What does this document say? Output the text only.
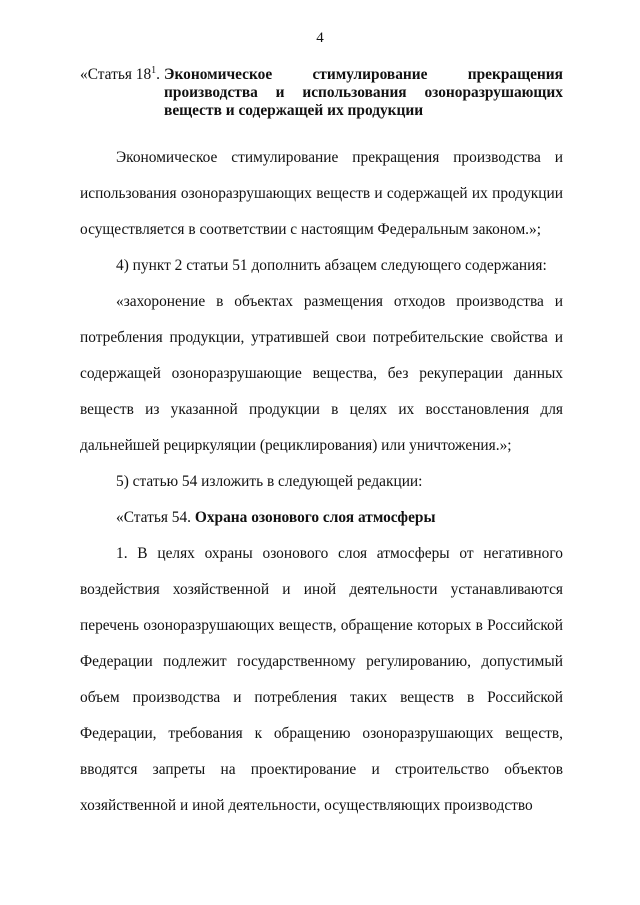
4
«Статья $18^1$. Экономическое стимулирование прекращения производства и использования озоноразрушающих веществ и содержащей их продукции

Экономическое стимулирование прекращения производства и использования озоноразрушающих веществ и содержащей их продукции осуществляется в соответствии с настоящим Федеральным законом.»;

4) пункт 2 статьи 51 дополнить абзацем следующего содержания:

«захоронение в объектах размещения отходов производства и потребления продукции, утратившей свои потребительские свойства и содержащей озоноразрушающие вещества, без рекуперации данных веществ из указанной продукции в целях их восстановления для дальнейшей рециркуляции (рециклирования) или уничтожения.»;

5) статью 54 изложить в следующей редакции:

«Статья 54. Охрана озонового слоя атмосферы

1. В целях охраны озонового слоя атмосферы от негативного воздействия хозяйственной и иной деятельности устанавливаются перечень озоноразрушающих веществ, обращение которых в Российской Федерации подлежит государственному регулированию, допустимый объем производства и потребления таких веществ в Российской Федерации, требования к обращению озоноразрушающих веществ, вводятся запреты на проектирование и строительство объектов хозяйственной и иной деятельности, осуществляющих производство
